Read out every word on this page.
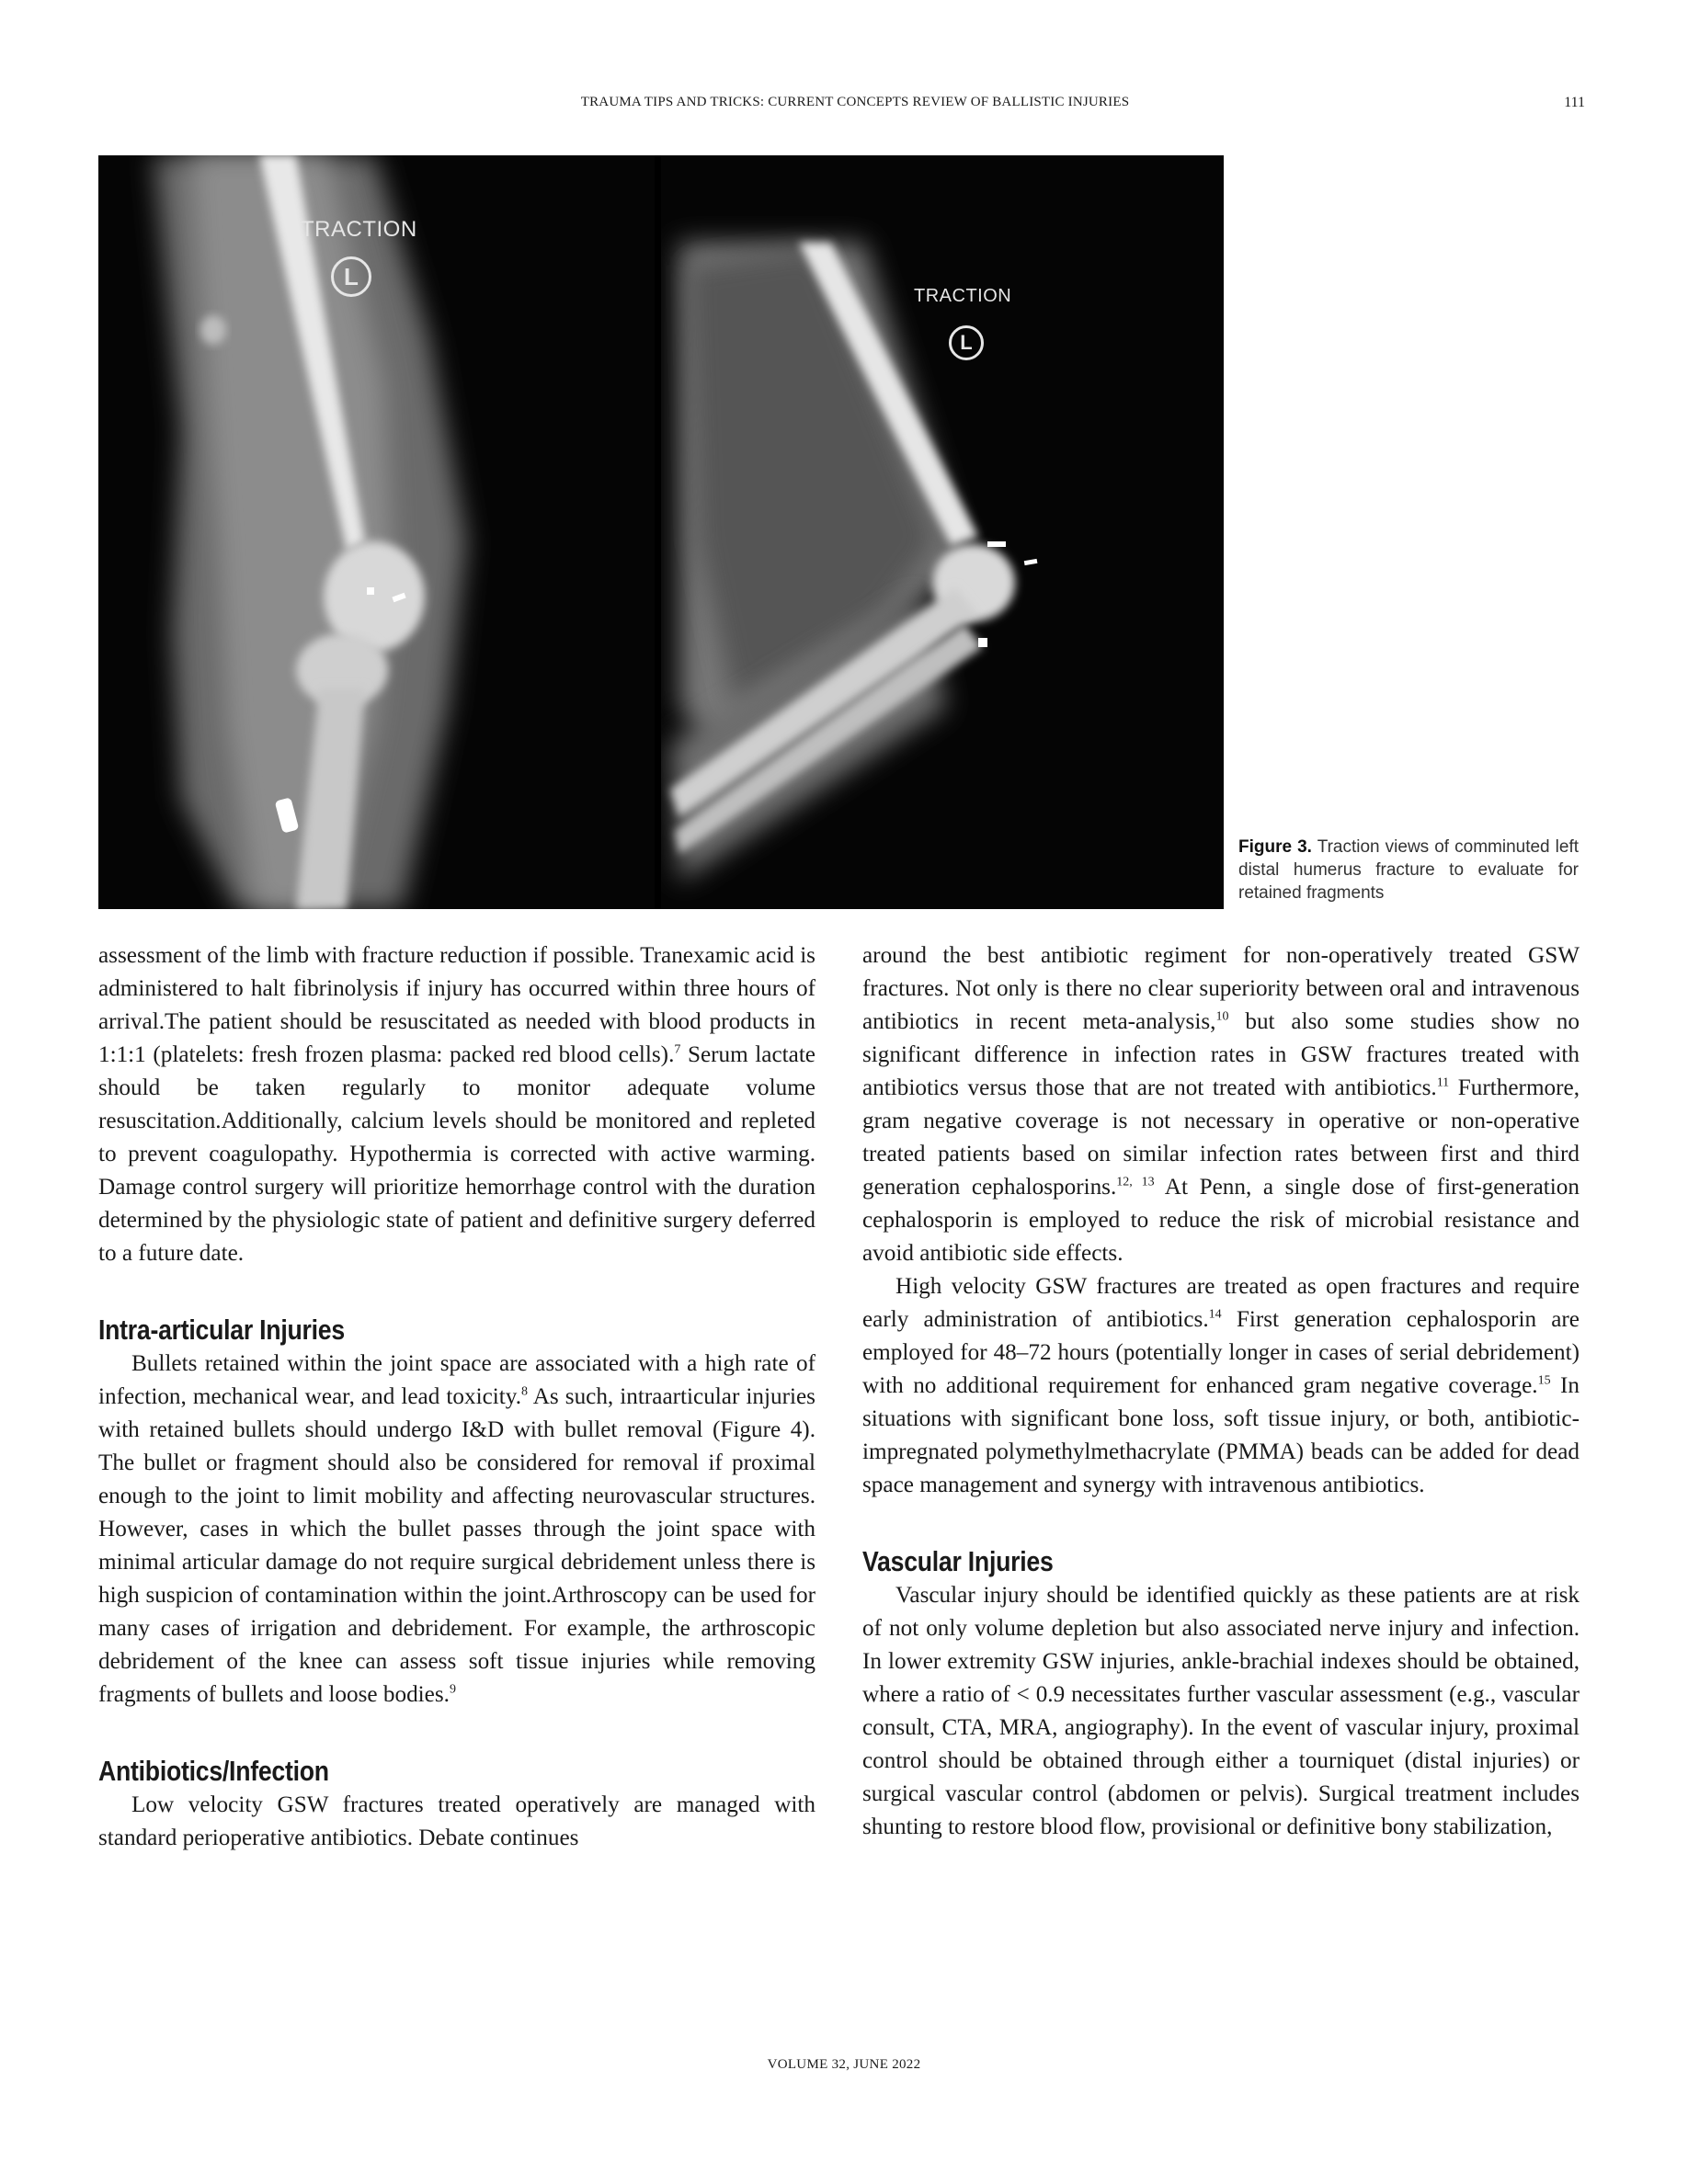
TRAUMA TIPS AND TRICKS: CURRENT CONCEPTS REVIEW OF BALLISTIC INJURIES	111
TRACTION
L
TRACTION
L
Figure 3. Traction views of comminuted left distal humerus fracture to evaluate for retained fragments

assessment of the limb with fracture reduction if possible. Tranexamic acid is administered to halt fibrinolysis if injury has occurred within three hours of arrival.The patient should be resuscitated as needed with blood products in 1:1:1 (platelets: fresh frozen plasma: packed red blood cells).$^7$ Serum lactate should be taken regularly to monitor adequate volume resuscitation.Additionally, calcium levels should be monitored and repleted to prevent coagulopathy. Hypothermia is corrected with active warming. Damage control surgery will prioritize hemorrhage control with the duration determined by the physiologic state of patient and definitive surgery deferred to a future date.

Intra-articular Injuries

Bullets retained within the joint space are associated with a high rate of infection, mechanical wear, and lead toxicity.$^8$ As such, intraarticular injuries with retained bullets should undergo I&D with bullet removal (Figure 4). The bullet or fragment should also be considered for removal if proximal enough to the joint to limit mobility and affecting neurovascular structures. However, cases in which the bullet passes through the joint space with minimal articular damage do not require surgical debridement unless there is high suspicion of contamination within the joint.Arthroscopy can be used for many cases of irrigation and debridement. For example, the arthroscopic debridement of the knee can assess soft tissue injuries while removing fragments of bullets and loose bodies.$^9$

Antibiotics/Infection

Low velocity GSW fractures treated operatively are managed with standard perioperative antibiotics. Debate continues

around the best antibiotic regiment for non-operatively treated GSW fractures. Not only is there no clear superiority between oral and intravenous antibiotics in recent meta-analysis,$^{10}$ but also some studies show no significant difference in infection rates in GSW fractures treated with antibiotics versus those that are not treated with antibiotics.$^{11}$ Furthermore, gram negative coverage is not necessary in operative or non-operative treated patients based on similar infection rates between first and third generation cephalosporins.$^{12, 13}$ At Penn, a single dose of first-generation cephalosporin is employed to reduce the risk of microbial resistance and avoid antibiotic side effects.

High velocity GSW fractures are treated as open fractures and require early administration of antibiotics.$^{14}$ First generation cephalosporin are employed for 48–72 hours (potentially longer in cases of serial debridement) with no additional requirement for enhanced gram negative coverage.$^{15}$ In situations with significant bone loss, soft tissue injury, or both, antibiotic-impregnated polymethylmethacrylate (PMMA) beads can be added for dead space management and synergy with intravenous antibiotics.

Vascular Injuries

Vascular injury should be identified quickly as these patients are at risk of not only volume depletion but also associated nerve injury and infection. In lower extremity GSW injuries, ankle-brachial indexes should be obtained, where a ratio of < 0.9 necessitates further vascular assessment (e.g., vascular consult, CTA, MRA, angiography). In the event of vascular injury, proximal control should be obtained through either a tourniquet (distal injuries) or surgical vascular control (abdomen or pelvis). Surgical treatment includes shunting to restore blood flow, provisional or definitive bony stabilization,

VOLUME 32, JUNE 2022
